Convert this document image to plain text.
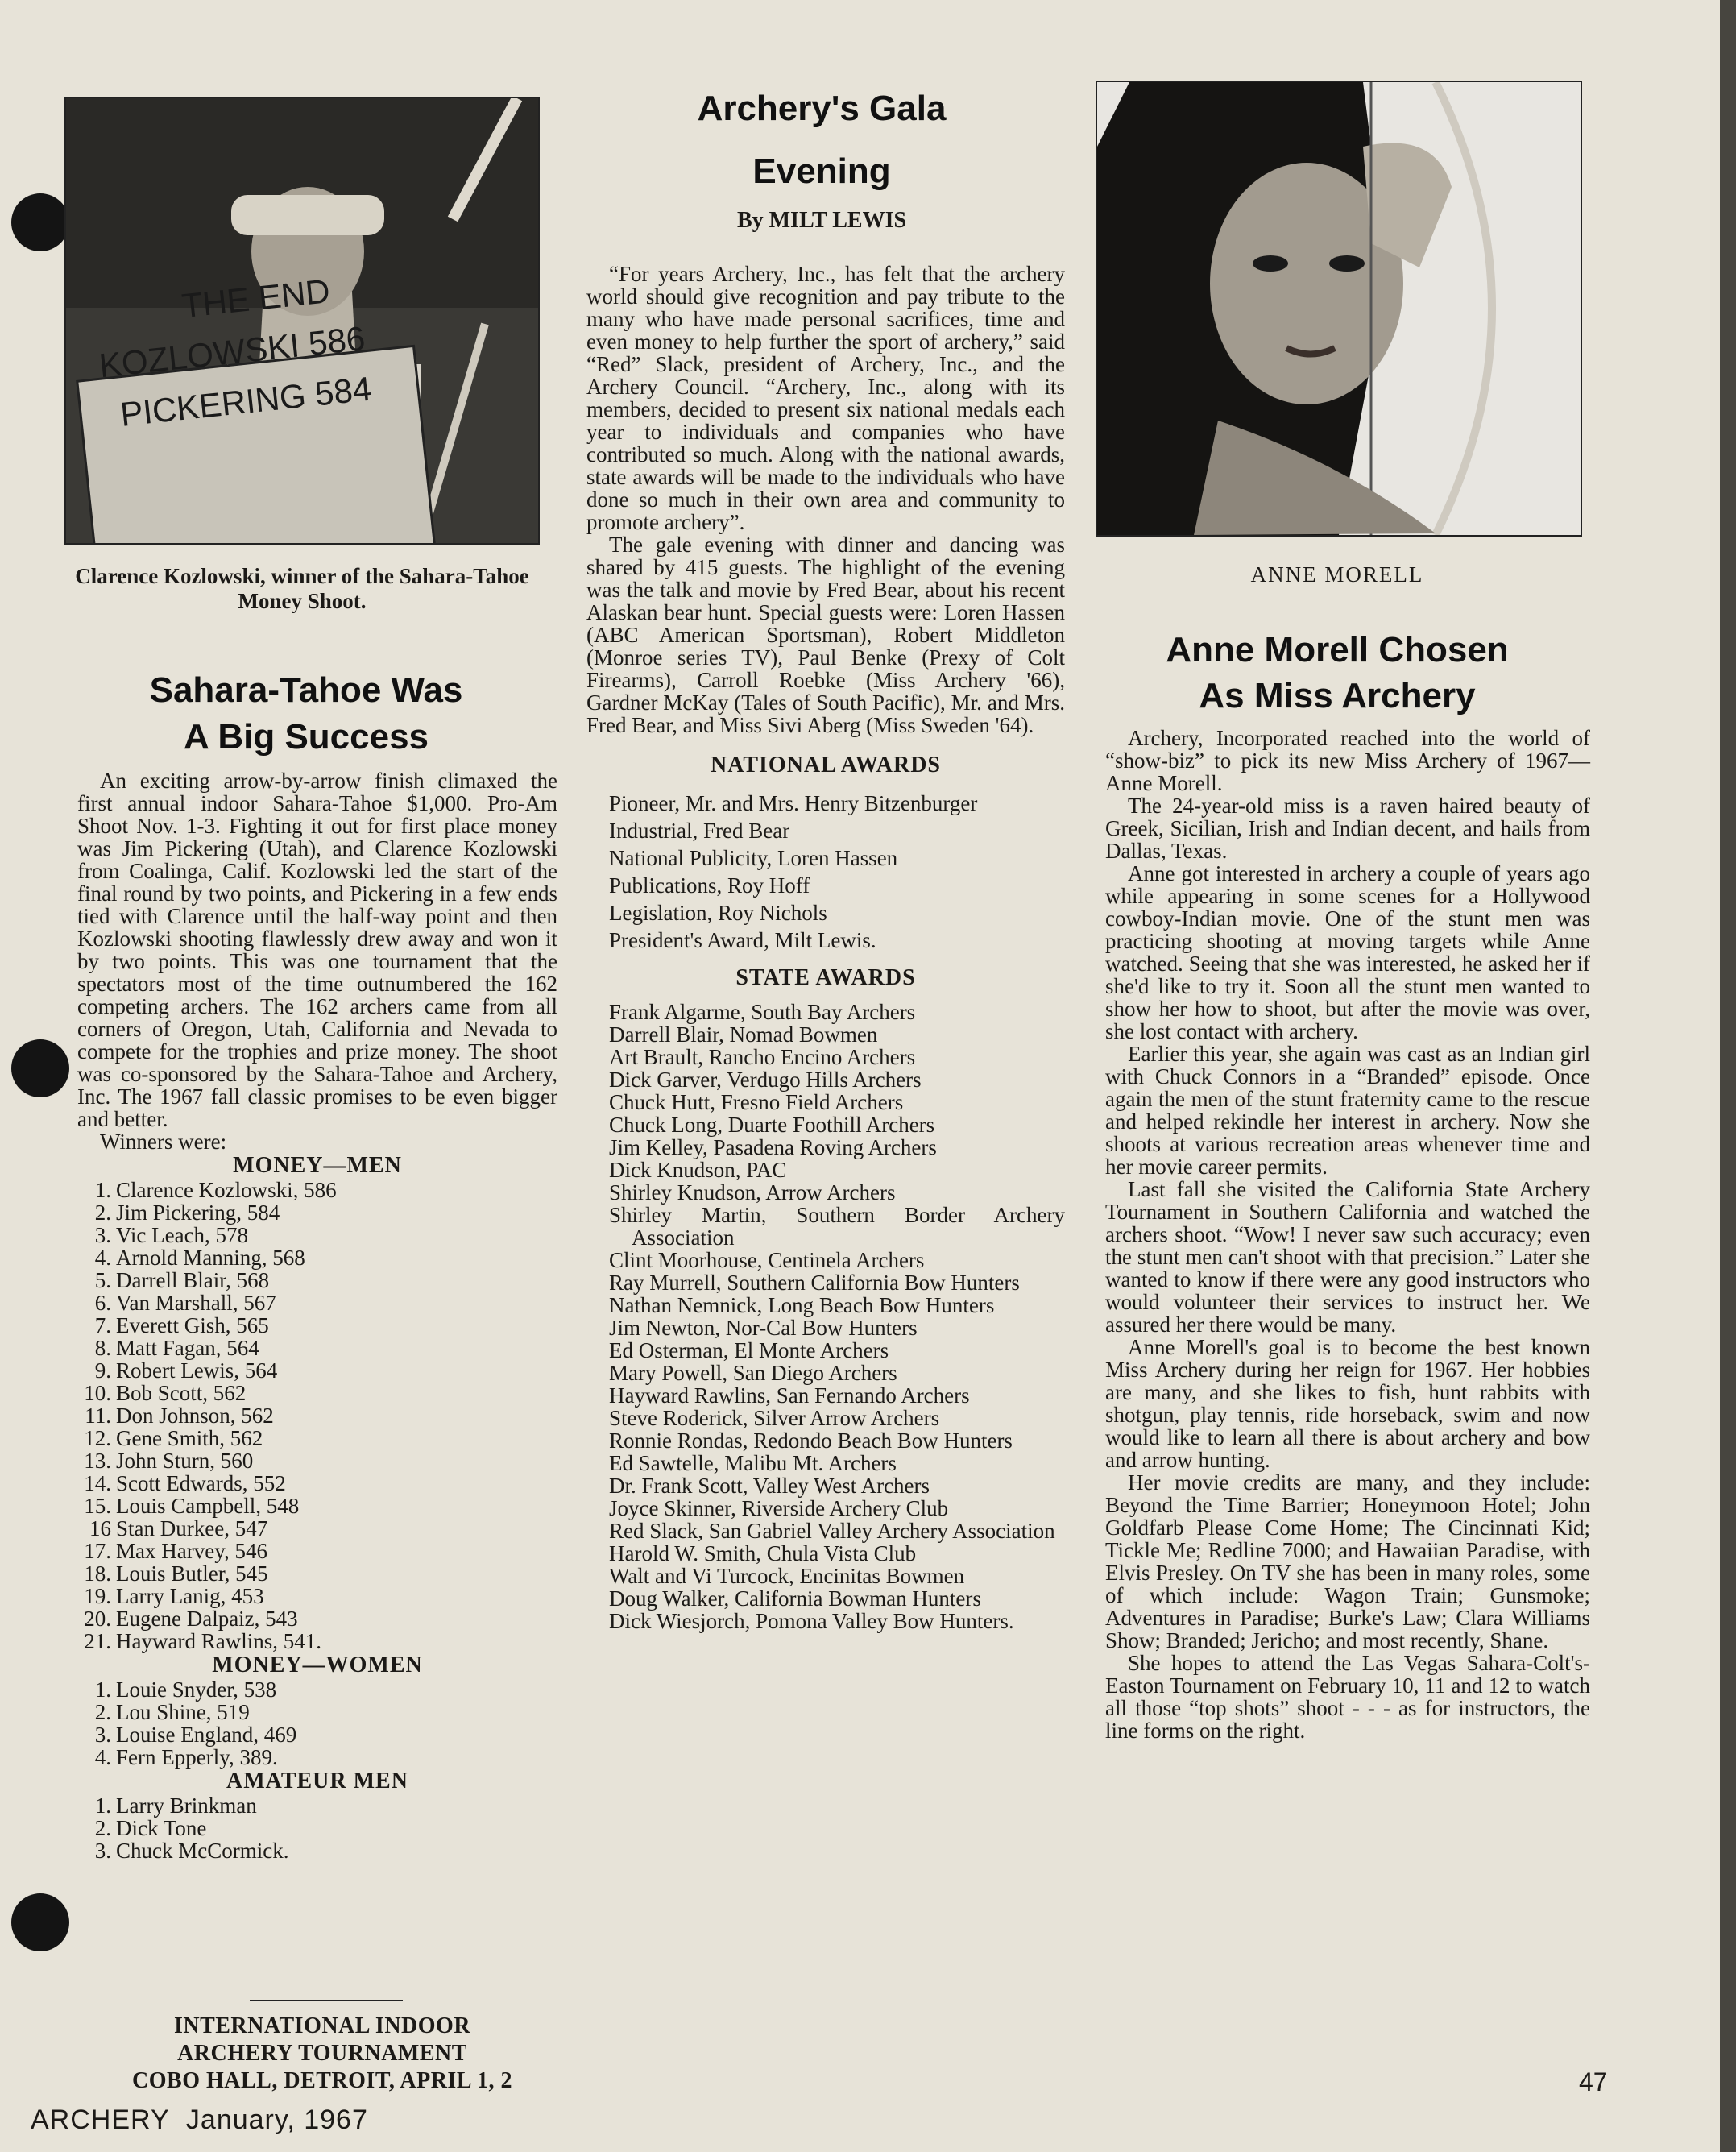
THE END
KOZLOWSKI 586
PICKERING 584
Clarence Kozlowski, winner of the Sahara-Tahoe Money Shoot.
Sahara-Tahoe Was
A Big Success

An exciting arrow-by-arrow finish climaxed the first annual indoor Sahara-Tahoe $1,000. Pro-Am Shoot Nov. 1-3. Fighting it out for first place money was Jim Pickering (Utah), and Clarence Kozlowski from Coalinga, Calif. Kozlowski led the start of the final round by two points, and Pickering in a few ends tied with Clarence until the half-way point and then Kozlowski shooting flawlessly drew away and won it by two points. This was one tournament that the spectators most of the time outnumbered the 162 competing archers. The 162 archers came from all corners of Oregon, Utah, California and Nevada to compete for the trophies and prize money. The shoot was co-sponsored by the Sahara-Tahoe and Archery, Inc. The 1967 fall classic promises to be even bigger and better.

Winners were:

MONEY—MEN
1. Clarence Kozlowski, 586
2. Jim Pickering, 584
3. Vic Leach, 578
4. Arnold Manning, 568
5. Darrell Blair, 568
6. Van Marshall, 567
7. Everett Gish, 565
8. Matt Fagan, 564
9. Robert Lewis, 564
10. Bob Scott, 562
11. Don Johnson, 562
12. Gene Smith, 562
13. John Sturn, 560
14. Scott Edwards, 552
15. Louis Campbell, 548
16 Stan Durkee, 547
17. Max Harvey, 546
18. Louis Butler, 545
19. Larry Lanig, 453
20. Eugene Dalpaiz, 543
21. Hayward Rawlins, 541.
MONEY—WOMEN
1. Louie Snyder, 538
2. Lou Shine, 519
3. Louise England, 469
4. Fern Epperly, 389.
AMATEUR MEN
1. Larry Brinkman
2. Dick Tone
3. Chuck McCormick.
INTERNATIONAL INDOOR
ARCHERY TOURNAMENT
COBO HALL, DETROIT, APRIL 1, 2
Archery's Gala
Evening
By MILT LEWIS

“For years Archery, Inc., has felt that the archery world should give recognition and pay tribute to the many who have made personal sacrifices, time and even money to help further the sport of archery,” said “Red” Slack, president of Archery, Inc., and the Archery Council. “Archery, Inc., along with its members, decided to present six national medals each year to individuals and companies who have contributed so much. Along with the national awards, state awards will be made to the individuals who have done so much in their own area and community to promote archery”.

The gale evening with dinner and dancing was shared by 415 guests. The highlight of the evening was the talk and movie by Fred Bear, about his recent Alaskan bear hunt. Special guests were: Loren Hassen (ABC American Sportsman), Robert Middleton (Monroe series TV), Paul Benke (Prexy of Colt Firearms), Carroll Roebke (Miss Archery '66), Gardner McKay (Tales of South Pacific), Mr. and Mrs. Fred Bear, and Miss Sivi Aberg (Miss Sweden '64).

NATIONAL AWARDS
Pioneer, Mr. and Mrs. Henry Bitzenburger
Industrial, Fred Bear
National Publicity, Loren Hassen
Publications, Roy Hoff
Legislation, Roy Nichols
President's Award, Milt Lewis.
STATE AWARDS
Frank Algarme, South Bay Archers
Darrell Blair, Nomad Bowmen
Art Brault, Rancho Encino Archers
Dick Garver, Verdugo Hills Archers
Chuck Hutt, Fresno Field Archers
Chuck Long, Duarte Foothill Archers
Jim Kelley, Pasadena Roving Archers
Dick Knudson, PAC
Shirley Knudson, Arrow Archers
Shirley Martin, Southern Border Archery Association
Clint Moorhouse, Centinela Archers
Ray Murrell, Southern California Bow Hunters
Nathan Nemnick, Long Beach Bow Hunters
Jim Newton, Nor-Cal Bow Hunters
Ed Osterman, El Monte Archers
Mary Powell, San Diego Archers
Hayward Rawlins, San Fernando Archers
Steve Roderick, Silver Arrow Archers
Ronnie Rondas, Redondo Beach Bow Hunters
Ed Sawtelle, Malibu Mt. Archers
Dr. Frank Scott, Valley West Archers
Joyce Skinner, Riverside Archery Club
Red Slack, San Gabriel Valley Archery Association
Harold W. Smith, Chula Vista Club
Walt and Vi Turcock, Encinitas Bowmen
Doug Walker, California Bowman Hunters
Dick Wiesjorch, Pomona Valley Bow Hunters.
ANNE MORELL
Anne Morell Chosen
As Miss Archery

Archery, Incorporated reached into the world of “show-biz” to pick its new Miss Archery of 1967—Anne Morell.

The 24-year-old miss is a raven haired beauty of Greek, Sicilian, Irish and Indian decent, and hails from Dallas, Texas.

Anne got interested in archery a couple of years ago while appearing in some scenes for a Hollywood cowboy-Indian movie. One of the stunt men was practicing shooting at moving targets while Anne watched. Seeing that she was interested, he asked her if she'd like to try it. Soon all the stunt men wanted to show her how to shoot, but after the movie was over, she lost contact with archery.

Earlier this year, she again was cast as an Indian girl with Chuck Connors in a “Branded” episode. Once again the men of the stunt fraternity came to the rescue and helped rekindle her interest in archery. Now she shoots at various recreation areas whenever time and her movie career permits.

Last fall she visited the California State Archery Tournament in Southern California and watched the archers shoot. “Wow! I never saw such accuracy; even the stunt men can't shoot with that precision.” Later she wanted to know if there were any good instructors who would volunteer their services to instruct her. We assured her there would be many.

Anne Morell's goal is to become the best known Miss Archery during her reign for 1967. Her hobbies are many, and she likes to fish, hunt rabbits with shotgun, play tennis, ride horseback, swim and now would like to learn all there is about archery and bow and arrow hunting.

Her movie credits are many, and they include: Beyond the Time Barrier; Honeymoon Hotel; John Goldfarb Please Come Home; The Cincinnati Kid; Tickle Me; Redline 7000; and Hawaiian Paradise, with Elvis Presley. On TV she has been in many roles, some of which include: Wagon Train; Gunsmoke; Adventures in Paradise; Burke's Law; Clara Williams Show; Branded; Jericho; and most recently, Shane.

She hopes to attend the Las Vegas Sahara-Colt's-Easton Tournament on February 10, 11 and 12 to watch all those “top shots” shoot - - - as for instructors, the line forms on the right.

ARCHERY  January, 1967
47
